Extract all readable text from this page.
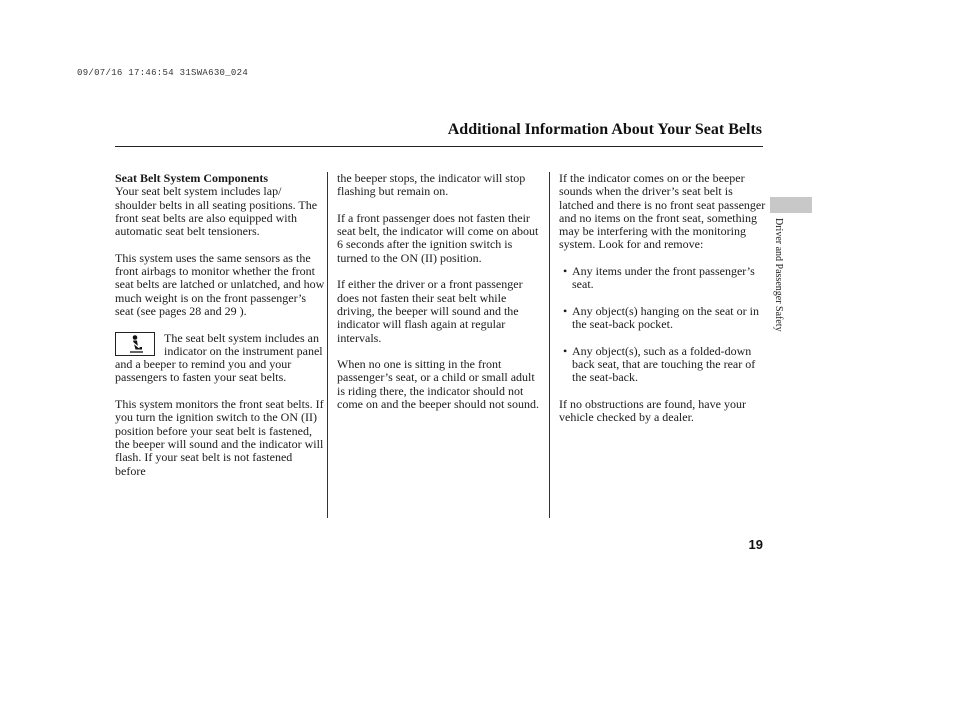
09/07/16 17:46:54 31SWA630_024
Additional Information About Your Seat Belts

Seat Belt System Components
Your seat belt system includes lap/ shoulder belts in all seating positions. The front seat belts are also equipped with automatic seat belt tensioners.

This system uses the same sensors as the front airbags to monitor whether the front seat belts are latched or unlatched, and how much weight is on the front passenger’s seat (see pages 28 and 29 ).

The seat belt system includes an indicator on the instrument panel and a beeper to remind you and your passengers to fasten your seat belts.

This system monitors the front seat belts. If you turn the ignition switch to the ON (II) position before your seat belt is fastened, the beeper will sound and the indicator will flash. If your seat belt is not fastened before

the beeper stops, the indicator will stop flashing but remain on.

If a front passenger does not fasten their seat belt, the indicator will come on about 6 seconds after the ignition switch is turned to the ON (II) position.

If either the driver or a front passenger does not fasten their seat belt while driving, the beeper will sound and the indicator will flash again at regular intervals.

When no one is sitting in the front passenger’s seat, or a child or small adult is riding there, the indicator should not come on and the beeper should not sound.

If the indicator comes on or the beeper sounds when the driver’s seat belt is latched and there is no front seat passenger and no items on the front seat, something may be interfering with the monitoring system. Look for and remove:

• Any items under the front passenger’s seat.
• Any object(s) hanging on the seat or in the seat-back pocket.
• Any object(s), such as a folded-down back seat, that are touching the rear of the seat-back.

If no obstructions are found, have your vehicle checked by a dealer.

Driver and Passenger Safety
19
